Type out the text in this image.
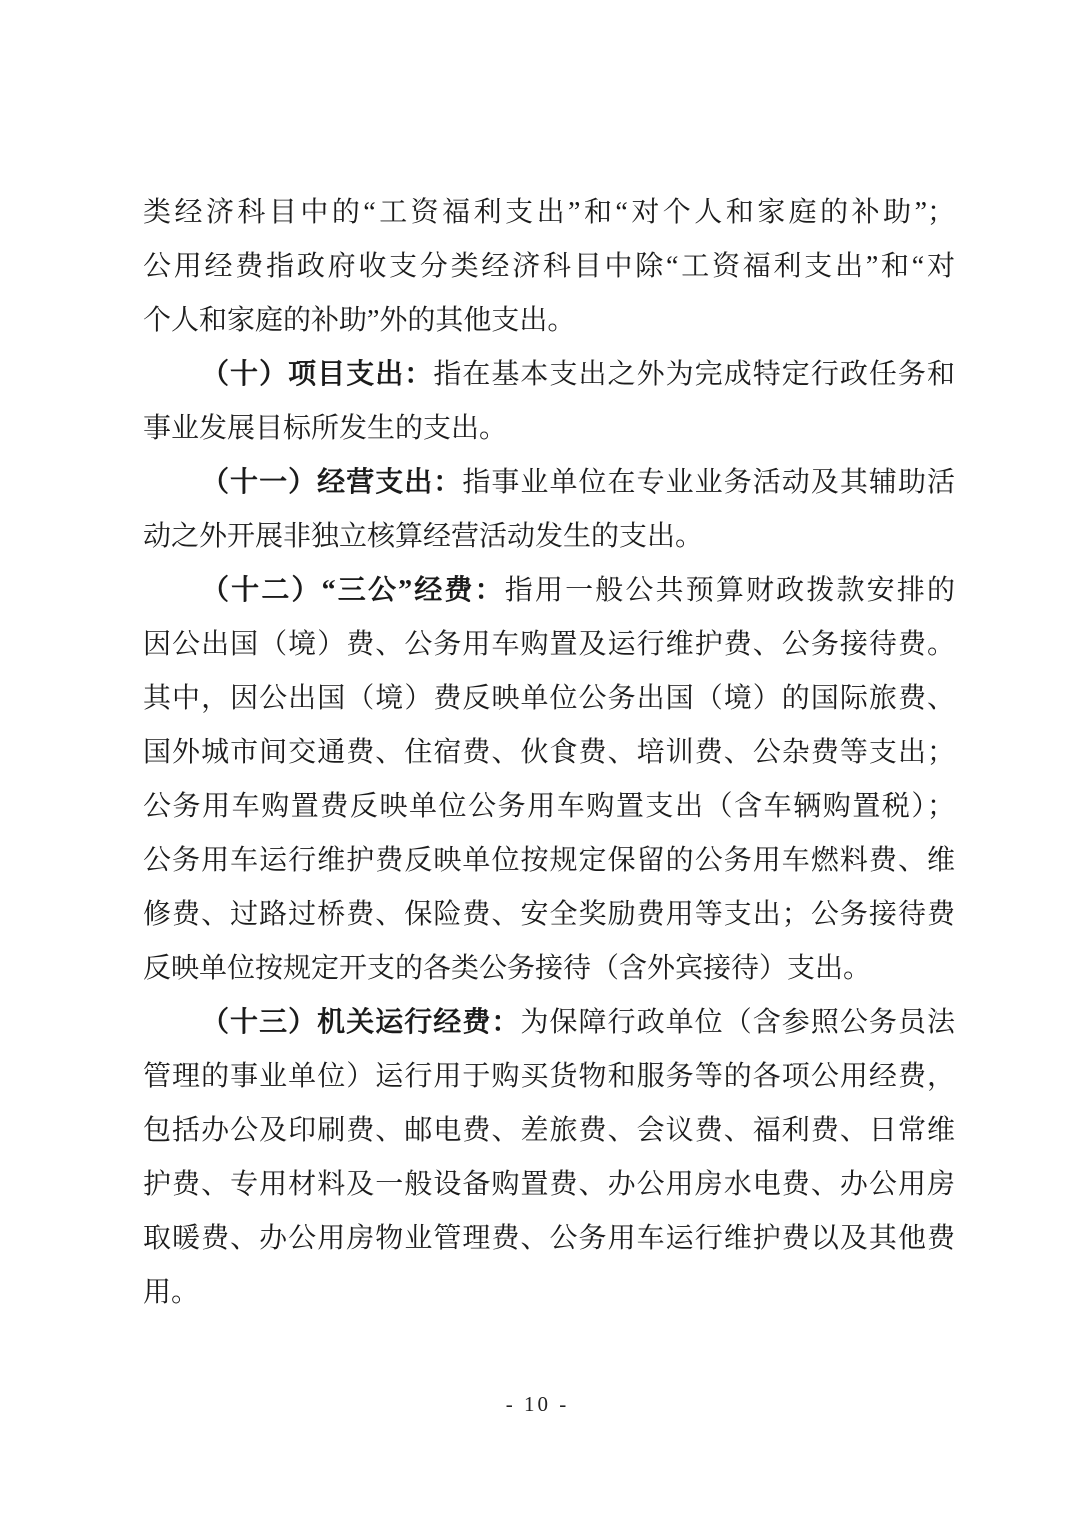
类经济科目中的“工资福利支出”和“对个人和家庭的补助”；
公用经费指政府收支分类经济科目中除“工资福利支出”和“对
个人和家庭的补助”外的其他支出。
（十）项目支出：指在基本支出之外为完成特定行政任务和
事业发展目标所发生的支出。
（十一）经营支出：指事业单位在专业业务活动及其辅助活
动之外开展非独立核算经营活动发生的支出。
（十二）“三公”经费：指用一般公共预算财政拨款安排的
因公出国（境）费、公务用车购置及运行维护费、公务接待费。
其中，因公出国（境）费反映单位公务出国（境）的国际旅费、
国外城市间交通费、住宿费、伙食费、培训费、公杂费等支出；
公务用车购置费反映单位公务用车购置支出（含车辆购置税）；
公务用车运行维护费反映单位按规定保留的公务用车燃料费、维
修费、过路过桥费、保险费、安全奖励费用等支出；公务接待费
反映单位按规定开支的各类公务接待（含外宾接待）支出。
（十三）机关运行经费：为保障行政单位（含参照公务员法
管理的事业单位）运行用于购买货物和服务等的各项公用经费，
包括办公及印刷费、邮电费、差旅费、会议费、福利费、日常维
护费、专用材料及一般设备购置费、办公用房水电费、办公用房
取暖费、办公用房物业管理费、公务用车运行维护费以及其他费
用。
- 10 -
